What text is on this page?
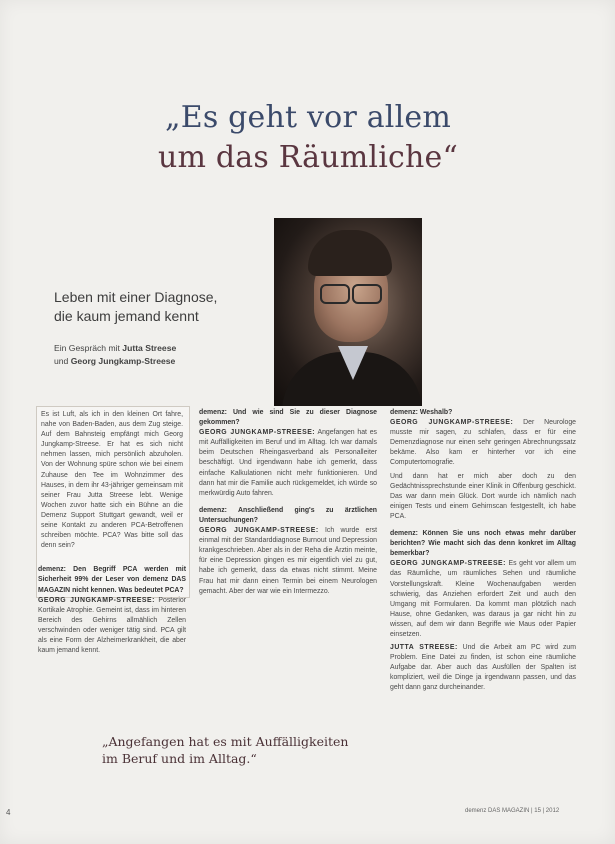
„Es geht vor allem
um das Räumliche“
Leben mit einer Diagnose,
die kaum jemand kennt
Ein Gespräch mit Jutta Streese
und Georg Jungkamp-Streese

Es ist Luft, als ich in den kleinen Ort fahre, nahe von Baden-Baden, aus dem Zug steige. Auf dem Bahnsteig empfängt mich Georg Jungkamp-Streese. Er hat es sich nicht nehmen lassen, mich persönlich abzuholen. Von der Wohnung spüre schon wie bei einem Zuhause den Tee im Wohnzimmer des Hauses, in dem ihr 43-jähriger gemeinsam mit seiner Frau Jutta Streese lebt. Wenige Wochen zuvor hatte sich ein Bühne an die Demenz Support Stuttgart gewandt, weil er seine Kontakt zu anderen PCA-Betroffenen schreiben möchte. PCA? Was bitte soll das denn sein?

demenz: Den Begriff PCA werden mit Sicherheit 99% der Leser von demenz DAS MAGAZIN nicht kennen. Was bedeutet PCA?

GEORG JUNGKAMP-STREESE: Posterior Kortikale Atrophie. Gemeint ist, dass im hinteren Bereich des Gehirns allmählich Zellen verschwinden oder weniger tätig sind. PCA gilt als eine Form der Alzheimerkrankheit, die aber kaum jemand kennt.

demenz: Und wie sind Sie zu dieser Diagnose gekommen?

GEORG JUNGKAMP-STREESE: Angefangen hat es mit Auffälligkeiten im Beruf und im Alltag. Ich war damals beim Deutschen Rheingasverband als Personalleiter beschäftigt. Und irgendwann habe ich gemerkt, dass einfache Kalkulationen nicht mehr funktionieren. Und dann hat mir die Familie auch rückgemeldet, ich würde so merkwürdig Auto fahren.

demenz: Anschließend ging's zu ärztlichen Untersuchungen?

GEORG JUNGKAMP-STREESE: Ich wurde erst einmal mit der Standarddiagnose Burnout und Depression krankgeschrieben. Aber als in der Reha die Ärztin meinte, für eine Depression gingen es mir eigentlich viel zu gut, habe ich gemerkt, dass da etwas nicht stimmt. Meine Frau hat mir dann einen Termin bei einem Neurologen gemacht. Aber der war wie ein Intermezzo.

demenz: Weshalb?

GEORG JUNGKAMP-STREESE: Der Neurologe musste mir sagen, zu schlafen, dass er für eine Demenzdiagnose nur einen sehr geringen Abrechnungssatz bekäme. Also kam er hinterher vor ich eine Computertomografie.

Und dann hat er mich aber doch zu den Gedächtnissprechstunde einer Klinik in Offenburg geschickt. Das war dann mein Glück. Dort wurde ich nämlich nach einigen Tests und einem Gehirnscan festgestellt, ich habe PCA.

demenz: Können Sie uns noch etwas mehr darüber berichten? Wie macht sich das denn konkret im Alltag bemerkbar?

GEORG JUNGKAMP-STREESE: Es geht vor allem um das Räumliche, um räumliches Sehen und räumliche Vorstellungskraft. Kleine Wochenaufgaben werden schwierig, das Anziehen erfordert Zeit und auch den Umgang mit Formularen. Da kommt man plötzlich nach Hause, ohne Gedanken, was daraus ja gar nicht hin zu wissen, auf dem wir dann Begriffe wie Maus oder Papier einsetzen.

JUTTA STREESE: Und die Arbeit am PC wird zum Problem. Eine Datei zu finden, ist schon eine räumliche Aufgabe dar. Aber auch das Ausfüllen der Spalten ist kompliziert, weil die Dinge ja irgendwann passen, und das geht dann ganz durcheinander.

„Angefangen hat es mit Auffälligkeiten im Beruf und im Alltag.“
4	demenz DAS MAGAZIN | 15 | 2012
